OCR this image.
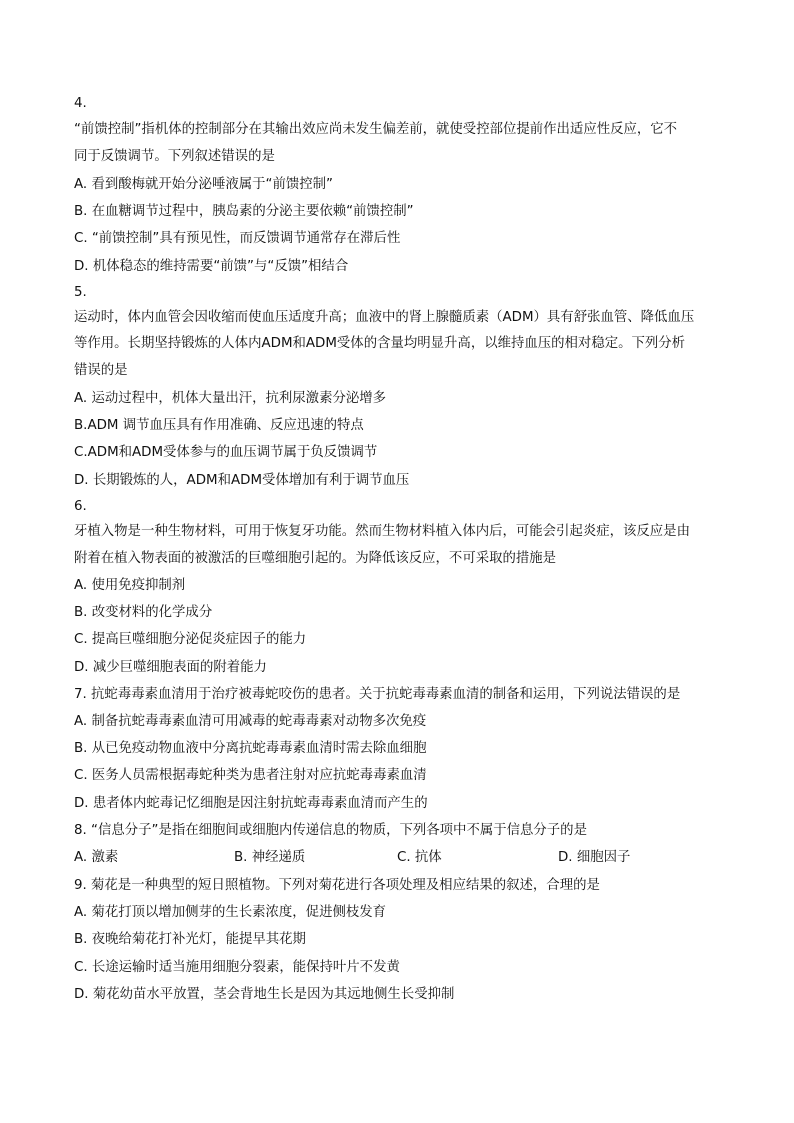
4.
“前馈控制”指机体的控制部分在其输出效应尚未发生偏差前，就使受控部位提前作出适应性反应，它不
同于反馈调节。下列叙述错误的是
A. 看到酸梅就开始分泌唾液属于“前馈控制”
B. 在血糖调节过程中，胰岛素的分泌主要依赖“前馈控制”
C. “前馈控制”具有预见性，而反馈调节通常存在滞后性
D. 机体稳态的维持需要“前馈”与“反馈”相结合
5.
运动时，体内血管会因收缩而使血压适度升高；血液中的肾上腺髓质素（ADM）具有舒张血管、降低血压
等作用。长期坚持锻炼的人体内ADM和ADM受体的含量均明显升高，以维持血压的相对稳定。下列分析
错误的是
A. 运动过程中，机体大量出汗，抗利尿激素分泌增多
B.ADM 调节血压具有作用准确、反应迅速的特点
C.ADM和ADM受体参与的血压调节属于负反馈调节
D. 长期锻炼的人，ADM和ADM受体增加有利于调节血压
6.
牙植入物是一种生物材料，可用于恢复牙功能。然而生物材料植入体内后，可能会引起炎症，该反应是由
附着在植入物表面的被激活的巨噬细胞引起的。为降低该反应，不可采取的措施是
A. 使用免疫抑制剂
B. 改变材料的化学成分
C. 提高巨噬细胞分泌促炎症因子的能力
D. 减少巨噬细胞表面的附着能力
7. 抗蛇毒毒素血清用于治疗被毒蛇咬伤的患者。关于抗蛇毒毒素血清的制备和运用，下列说法错误的是
A. 制备抗蛇毒毒素血清可用减毒的蛇毒毒素对动物多次免疫
B. 从已免疫动物血液中分离抗蛇毒毒素血清时需去除血细胞
C. 医务人员需根据毒蛇种类为患者注射对应抗蛇毒毒素血清
D. 患者体内蛇毒记忆细胞是因注射抗蛇毒毒素血清而产生的
8. “信息分子”是指在细胞间或细胞内传递信息的物质，下列各项中不属于信息分子的是
A. 激素	B. 神经递质	C. 抗体	D. 细胞因子
9. 菊花是一种典型的短日照植物。下列对菊花进行各项处理及相应结果的叙述，合理的是
A. 菊花打顶以增加侧芽的生长素浓度，促进侧枝发育
B. 夜晚给菊花打补光灯，能提早其花期
C. 长途运输时适当施用细胞分裂素，能保持叶片不发黄
D. 菊花幼苗水平放置，茎会背地生长是因为其远地侧生长受抑制
